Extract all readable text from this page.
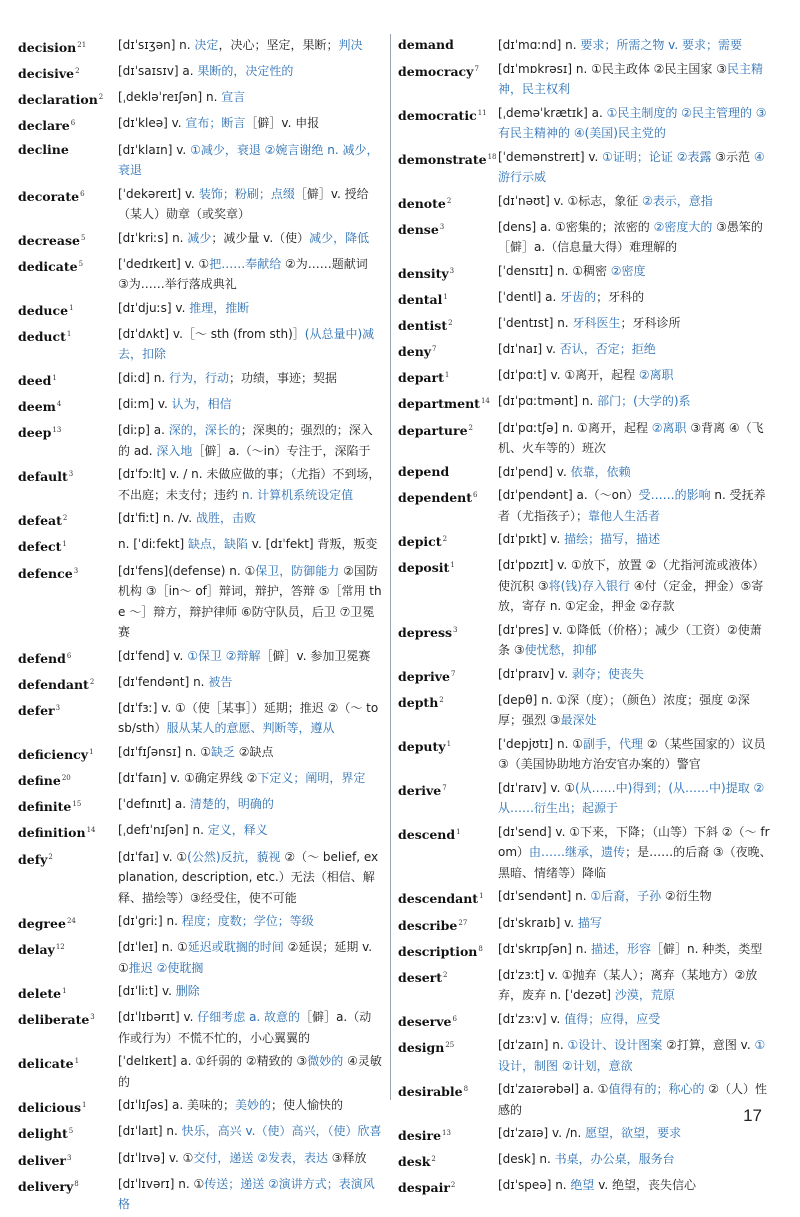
decision$^{21}$	[dɪˈsɪʒən] n. 决定，决心；坚定，果断；判决
decisive$^2$	[dɪˈsaɪsɪv] a. 果断的，决定性的
declaration$^2$	[ˌdekləˈreɪʃən] n. 宣言
declare$^6$	[dɪˈkleə] v. 宣布；断言［僻］v. 申报
decline	[dɪˈklaɪn] v. ①减少，衰退 ②婉言谢绝 n. 减少，衰退
decorate$^6$	[ˈdekəreɪt] v. 装饰；粉刷；点缀［僻］v. 授给（某人）勋章（或奖章）
decrease$^5$	[dɪˈkriːs] n. 减少；减少量 v.（使）减少，降低
dedicate$^5$	[ˈdedɪkeɪt] v. ①把……奉献给 ②为……题献词 ③为……举行落成典礼
deduce$^1$	[dɪˈdjuːs] v. 推理，推断
deduct$^1$	[dɪˈdʌkt] v.［～ sth (from sth)］(从总量中)减去，扣除
deed$^1$	[diːd] n. 行为，行动；功绩，事迹；契据
deem$^4$	[diːm] v. 认为，相信
deep$^{13}$	[diːp] a. 深的，深长的；深奥的；强烈的；深入的 ad. 深入地［僻］a.（～in）专注于，深陷于
default$^3$	[dɪˈfɔːlt] v. / n. 未做应做的事；（尤指）不到场，不出庭；未支付；违约 n. 计算机系统设定值
defeat$^2$	[dɪˈfiːt] n. /v. 战胜，击败
defect$^1$	n. [ˈdiːfekt] 缺点，缺陷 v. [dɪˈfekt] 背叛，叛变
defence$^3$	[dɪˈfens](defense) n. ①保卫，防御能力 ②国防机构 ③［in～ of］辩词，辩护，答辩 ⑤［常用 the ～］辩方，辩护律师 ⑥防守队员，后卫 ⑦卫冕赛
defend$^6$	[dɪˈfend] v. ①保卫 ②辩解［僻］v. 参加卫冕赛
defendant$^2$	[dɪˈfendənt] n. 被告
defer$^3$	[dɪˈfɜː] v. ①（使［某事］）延期；推迟 ②（～ to sb/sth）服从某人的意愿、判断等，遵从
deficiency$^1$	[dɪˈfɪʃənsɪ] n. ①缺乏 ②缺点
define$^{20}$	[dɪˈfaɪn] v. ①确定界线 ②下定义；阐明，界定
definite$^{15}$	[ˈdefɪnɪt] a. 清楚的，明确的
definition$^{14}$	[ˌdefɪˈnɪʃən] n. 定义，释义
defy$^2$	[dɪˈfaɪ] v. ①(公然)反抗，藐视 ②（～ belief, explanation, description, etc.）无法（相信、解释、描绘等）③经受住，使不可能
degree$^{24}$	[dɪˈgriː] n. 程度；度数；学位；等级
delay$^{12}$	[dɪˈleɪ] n. ①延迟或耽搁的时间 ②延误；延期 v. ①推迟 ②使耽搁
delete$^1$	[dɪˈliːt] v. 删除
deliberate$^3$	[dɪˈlɪbərɪt] v. 仔细考虑 a. 故意的［僻］a.（动作或行为）不慌不忙的，小心翼翼的
delicate$^1$	[ˈdelɪkeɪt] a. ①纤弱的 ②精致的 ③微妙的 ④灵敏的
delicious$^1$	[dɪˈlɪʃəs] a. 美味的；美妙的；使人愉快的
delight$^5$	[dɪˈlaɪt] n. 快乐，高兴 v.（使）高兴，（使）欣喜
deliver$^3$	[dɪˈlɪvə] v. ①交付，递送 ②发表，表达 ③释放
delivery$^8$	[dɪˈlɪvərɪ] n. ①传送；递送 ②演讲方式；表演风格
demand	[dɪˈmɑːnd] n. 要求；所需之物 v. 要求；需要
democracy$^7$	[dɪˈmɒkrəsɪ] n. ①民主政体 ②民主国家 ③民主精神，民主权利
democratic$^{11}$ [ˌdeməˈkrætɪk] a. ①民主制度的 ②民主管理的 ③有民主精神的 ④(美国)民主党的
demonstrate$^{18}$ [ˈdemənstreɪt] v. ①证明；论证 ②表露 ③示范 ④游行示威
denote$^2$	[dɪˈnəʊt] v. ①标志，象征 ②表示，意指
dense$^3$	[dens] a. ①密集的；浓密的 ②密度大的 ③愚笨的［僻］a.（信息量大得）难理解的
density$^3$	[ˈdensɪtɪ] n. ①稠密 ②密度
dental$^1$	[ˈdentl] a. 牙齿的；牙科的
dentist$^2$	[ˈdentɪst] n. 牙科医生；牙科诊所
deny$^7$	[dɪˈnaɪ] v. 否认，否定；拒绝
depart$^1$	[dɪˈpɑːt] v. ①离开，起程 ②离职
department$^{14}$ [dɪˈpɑːtmənt] n. 部门；(大学的)系
departure$^2$	[dɪˈpɑːtʃə] n. ①离开，起程 ②离职 ③背离 ④（飞机、火车等的）班次
depend	[dɪˈpend] v. 依靠，依赖
dependent$^6$	[dɪˈpendənt] a.（～on）受……的影响 n. 受抚养者（尤指孩子）；靠他人生活者
depict$^2$	[dɪˈpɪkt] v. 描绘；描写，描述
deposit$^1$	[dɪˈpɒzɪt] v. ①放下，放置 ②（尤指河流或液体）使沉积 ③将(钱)存入银行 ④付（定金，押金）⑤寄放，寄存 n. ①定金，押金 ②存款
depress$^3$	[dɪˈpres] v. ①降低（价格）；减少（工资）②使萧条 ③使忧愁，抑郁
deprive$^7$	[dɪˈpraɪv] v. 剥夺；使丧失
depth$^2$	[depθ] n. ①深（度）；（颜色）浓度；强度 ②深厚；强烈 ③最深处
deputy$^1$	[ˈdepjʊtɪ] n. ①副手，代理 ②（某些国家的）议员 ③（美国协助地方治安官办案的）警官
derive$^7$	[dɪˈraɪv] v. ①(从……中)得到；(从……中)提取 ②从……衍生出；起源于
descend$^1$	[dɪˈsend] v. ①下来，下降；（山等）下斜 ②（～ from）由……继承，遗传；是……的后裔 ③（夜晚、黑暗、情绪等）降临
descendant$^1$	[dɪˈsendənt] n. ①后裔，子孙 ②衍生物
describe$^{27}$	[dɪˈskraɪb] v. 描写
description$^8$	[dɪˈskrɪpʃən] n. 描述，形容［僻］n. 种类，类型
desert$^2$	[dɪˈzɜːt] v. ①抛弃（某人）；离弃（某地方）②放弃，废弃 n. [ˈdezət] 沙漠，荒原
deserve$^6$	[dɪˈzɜːv] v. 值得；应得，应受
design$^{25}$	[dɪˈzaɪn] n. ①设计、设计图案 ②打算，意图 v. ①设计，制图 ②计划，意欲
desirable$^8$	[dɪˈzaɪərəbəl] a. ①值得有的；称心的 ②（人）性感的
desire$^{13}$	[dɪˈzaɪə] v. /n. 愿望，欲望，要求
desk$^2$	[desk] n. 书桌，办公桌，服务台
despair$^2$	[dɪˈspeə] n. 绝望 v. 绝望，丧失信心
17
